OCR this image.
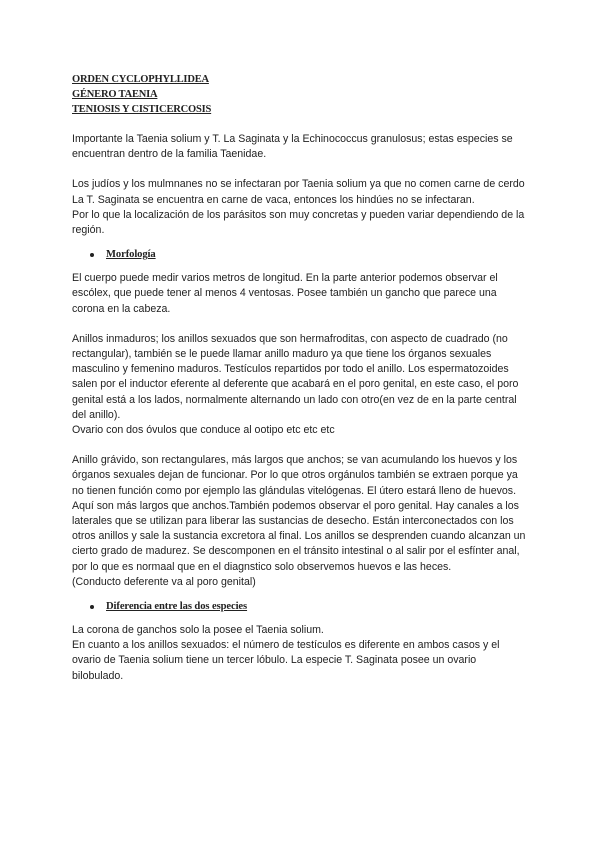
ORDEN CYCLOPHYLLIDEA
GÉNERO TAENIA
TENIOSIS Y CISTICERCOSIS

Importante la Taenia solium y T. La Saginata y la Echinococcus granulosus; estas especies se encuentran dentro de la familia Taenidae.

Los judíos y los mulmnanes no se infectaran por Taenia solium ya que no comen carne de cerdo

La T. Saginata se encuentra en carne de vaca, entonces los hindúes no se infectaran.

Por lo que la localización de los parásitos son muy concretas y pueden variar dependiendo de la región.

Morfología

El cuerpo puede medir varios metros de longitud. En la parte anterior podemos observar el escólex, que puede tener al menos 4 ventosas. Posee también un gancho que parece una corona en la cabeza.

Anillos inmaduros; los anillos sexuados que son hermafroditas, con aspecto de cuadrado (no rectangular), también se le puede llamar anillo maduro ya que tiene los órganos sexuales masculino y femenino maduros. Testículos repartidos por todo el anillo. Los espermatozoides salen por el inductor eferente al deferente que acabará en el poro genital, en este caso, el poro genital está a los lados, normalmente alternando un lado con otro(en vez de en la parte central del anillo).

Ovario con dos óvulos que conduce al ootipo etc etc etc

Anillo grávido, son rectangulares, más largos que anchos; se van acumulando los huevos y los órganos sexuales dejan de funcionar. Por lo que otros orgánulos también se extraen porque ya no tienen función como por ejemplo las glándulas vitelógenas. El útero estará lleno de huevos. Aquí son más largos que anchos.También podemos observar el poro genital. Hay canales a los laterales que se utilizan para liberar las sustancias de desecho. Están interconectados con los otros anillos y sale la sustancia excretora al final. Los anillos se desprenden cuando alcanzan un cierto grado de madurez. Se descomponen en el tránsito intestinal o al salir por el esfínter anal, por lo que es normaal que en el diagnstico solo observemos huevos e las heces.

(Conducto deferente va al poro genital)

Diferencia entre las dos especies

La corona de ganchos solo la posee el Taenia solium.

En cuanto a los anillos sexuados: el número de testículos es diferente en ambos casos y el ovario de Taenia solium tiene un tercer lóbulo. La especie T. Saginata posee un ovario bilobulado.
